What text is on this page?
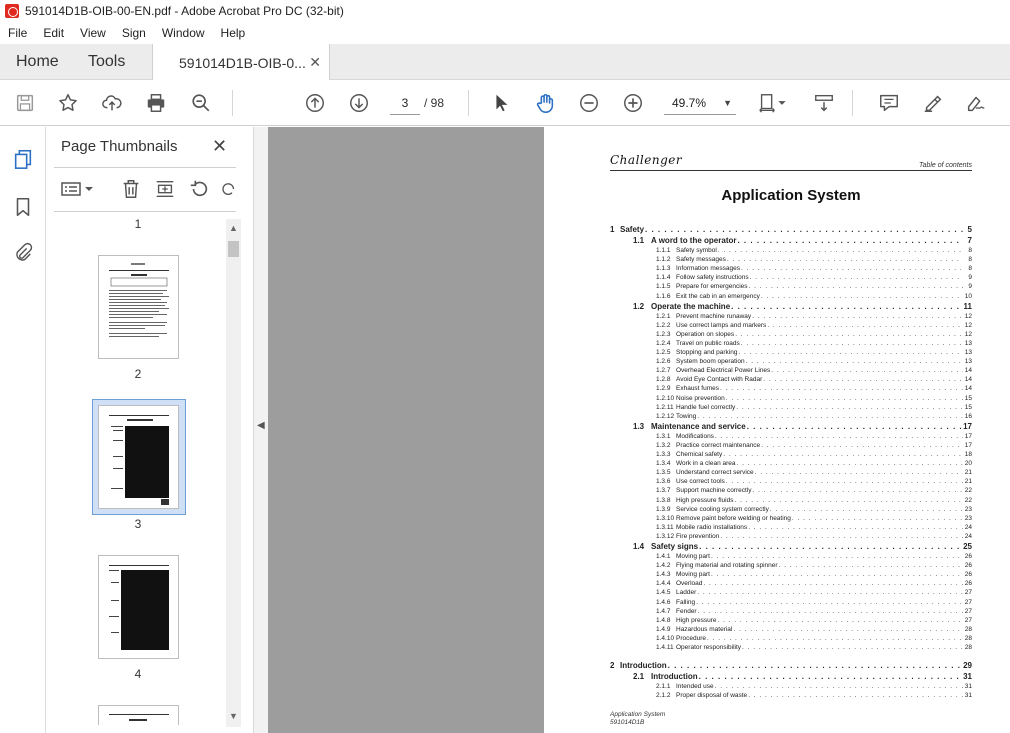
591014D1B-OIB-00-EN.pdf - Adobe Acrobat Pro DC (32-bit)
File	Edit	View	Sign	Window	Help
Home Tools	591014D1B-OIB-0... ✕
3	/ 98	49.7% ▼
Page Thumbnails ✕
1
2
3
4
▲
▼
◀
Challenger	Table of contents
Application System
1 Safety . . .	5
1.1 A word to the operator . . .	7
1.1.1 Safety symbol . . .	8
1.1.2 Safety messages . . .	8
1.1.3 Information messages . . .	8
1.1.4 Follow safety instructions . . .	9
1.1.5 Prepare for emergencies . . .	9
1.1.6 Exit the cab in an emergency . . .	10
1.2 Operate the machine . . .	11
1.2.1 Prevent machine runaway . . .	12
1.2.2 Use correct lamps and markers . . .	12
1.2.3 Operation on slopes . . .	12
1.2.4 Travel on public roads . . .	13
1.2.5 Stopping and parking . . .	13
1.2.6 System boom operation . . .	13
1.2.7 Overhead Electrical Power Lines . . .	14
1.2.8 Avoid Eye Contact with Radar . . .	14
1.2.9 Exhaust fumes . . .	14
1.2.10 Noise prevention . . .	15
1.2.11 Handle fuel correctly . . .	15
1.2.12 Towing . . .	16
1.3 Maintenance and service . . .	17
1.3.1 Modifications . . .	17
1.3.2 Practice correct maintenance . . .	17
1.3.3 Chemical safety . . .	18
1.3.4 Work in a clean area . . .	20
1.3.5 Understand correct service . . .	21
1.3.6 Use correct tools . . .	21
1.3.7 Support machine correctly . . .	22
1.3.8 High pressure fluids . . .	22
1.3.9 Service cooling system correctly . . .	23
1.3.10 Remove paint before welding or heating . . .	23
1.3.11 Mobile radio installations . . .	24
1.3.12 Fire prevention . . .	24
1.4 Safety signs . . .	25
1.4.1 Moving part . . .	26
1.4.2 Flying material and rotating spinner . . .	26
1.4.3 Moving part . . .	26
1.4.4 Overload . . .	26
1.4.5 Ladder . . .	27
1.4.6 Falling . . .	27
1.4.7 Fender . . .	27
1.4.8 High pressure . . .	27
1.4.9 Hazardous material . . .	28
1.4.10 Procedure . . .	28
1.4.11 Operator responsibility . . .	28
2 Introduction . . .	29
2.1 Introduction . . .	31
2.1.1 Intended use . . .	31
2.1.2 Proper disposal of waste . . .	31
Application System
591014D1B
